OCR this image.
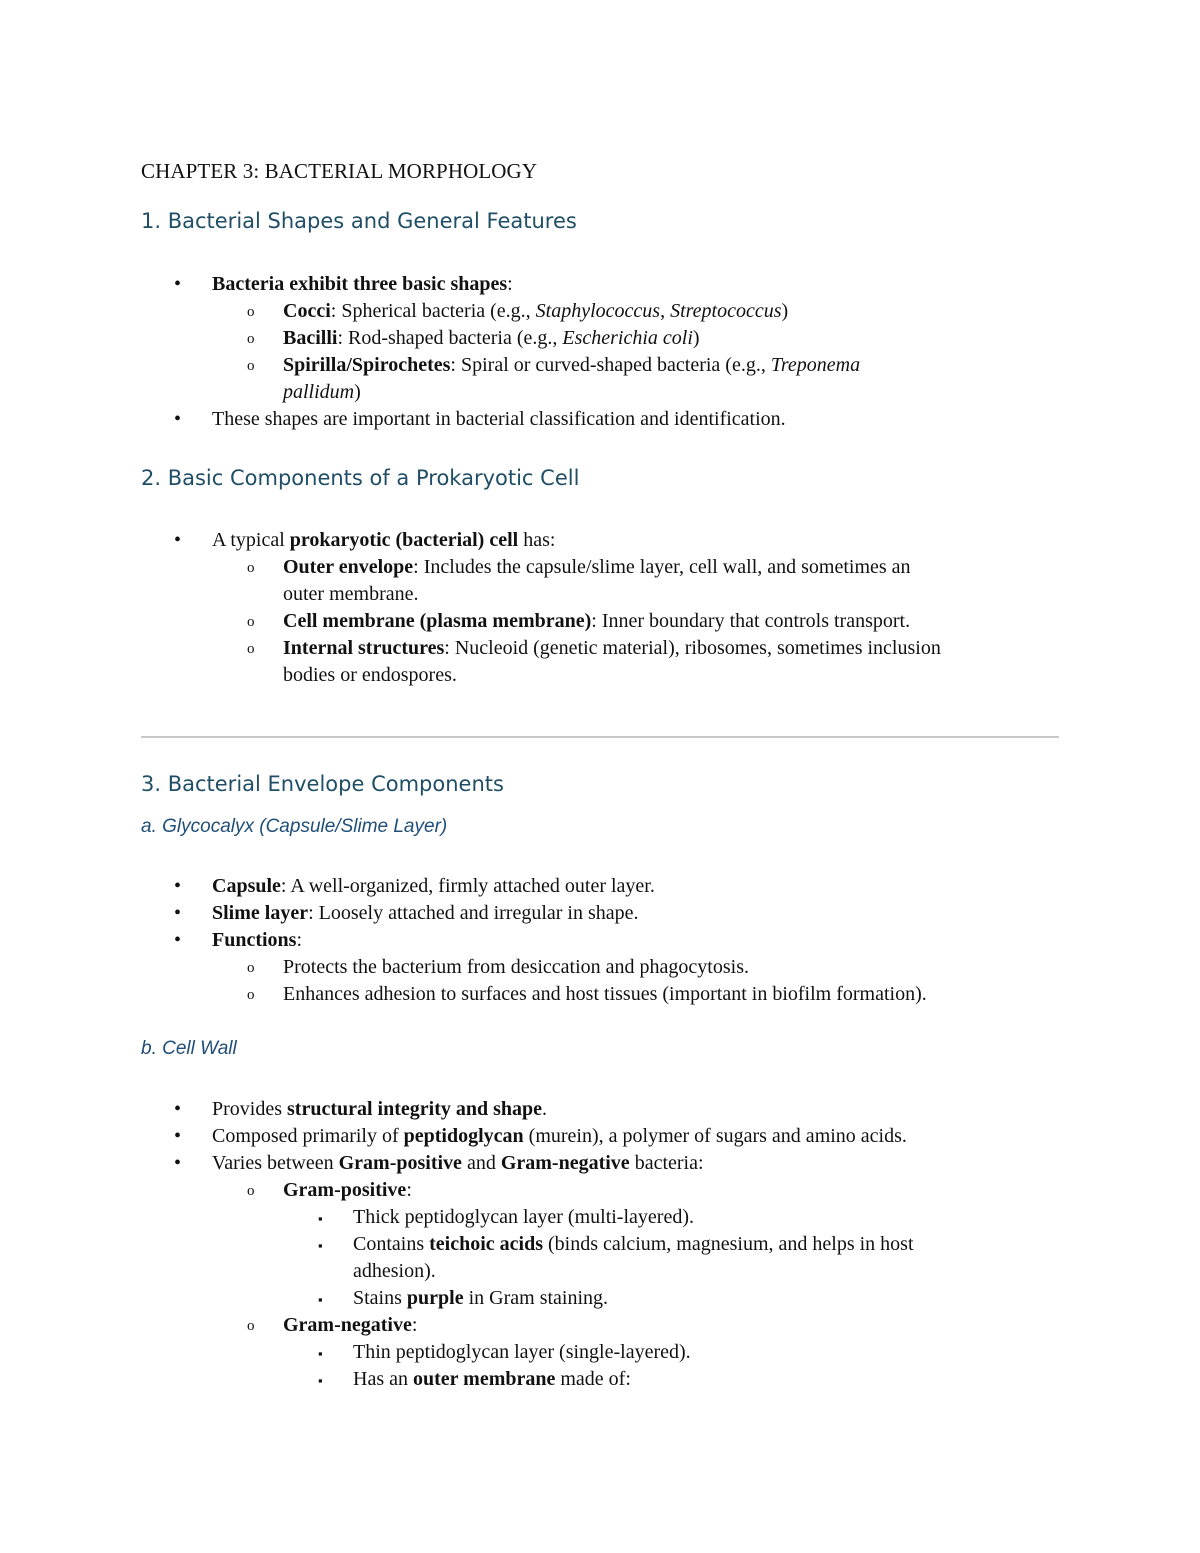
CHAPTER 3: BACTERIAL MORPHOLOGY
1. Bacterial Shapes and General Features
• Bacteria exhibit three basic shapes:
o Cocci: Spherical bacteria (e.g., Staphylococcus, Streptococcus)
o Bacilli: Rod-shaped bacteria (e.g., Escherichia coli)
o Spirilla/Spirochetes: Spiral or curved-shaped bacteria (e.g., Treponema
pallidum)
• These shapes are important in bacterial classification and identification.
2. Basic Components of a Prokaryotic Cell
• A typical prokaryotic (bacterial) cell has:
o Outer envelope: Includes the capsule/slime layer, cell wall, and sometimes an
outer membrane.
o Cell membrane (plasma membrane): Inner boundary that controls transport.
o Internal structures: Nucleoid (genetic material), ribosomes, sometimes inclusion
bodies or endospores.
3. Bacterial Envelope Components
a. Glycocalyx (Capsule/Slime Layer)
• Capsule: A well-organized, firmly attached outer layer.
• Slime layer: Loosely attached and irregular in shape.
• Functions:
o Protects the bacterium from desiccation and phagocytosis.
o Enhances adhesion to surfaces and host tissues (important in biofilm formation).
b. Cell Wall
• Provides structural integrity and shape.
• Composed primarily of peptidoglycan (murein), a polymer of sugars and amino acids.
• Varies between Gram-positive and Gram-negative bacteria:
o Gram-positive:
▪ Thick peptidoglycan layer (multi-layered).
▪ Contains teichoic acids (binds calcium, magnesium, and helps in host
adhesion).
▪ Stains purple in Gram staining.
o Gram-negative:
▪ Thin peptidoglycan layer (single-layered).
▪ Has an outer membrane made of:
